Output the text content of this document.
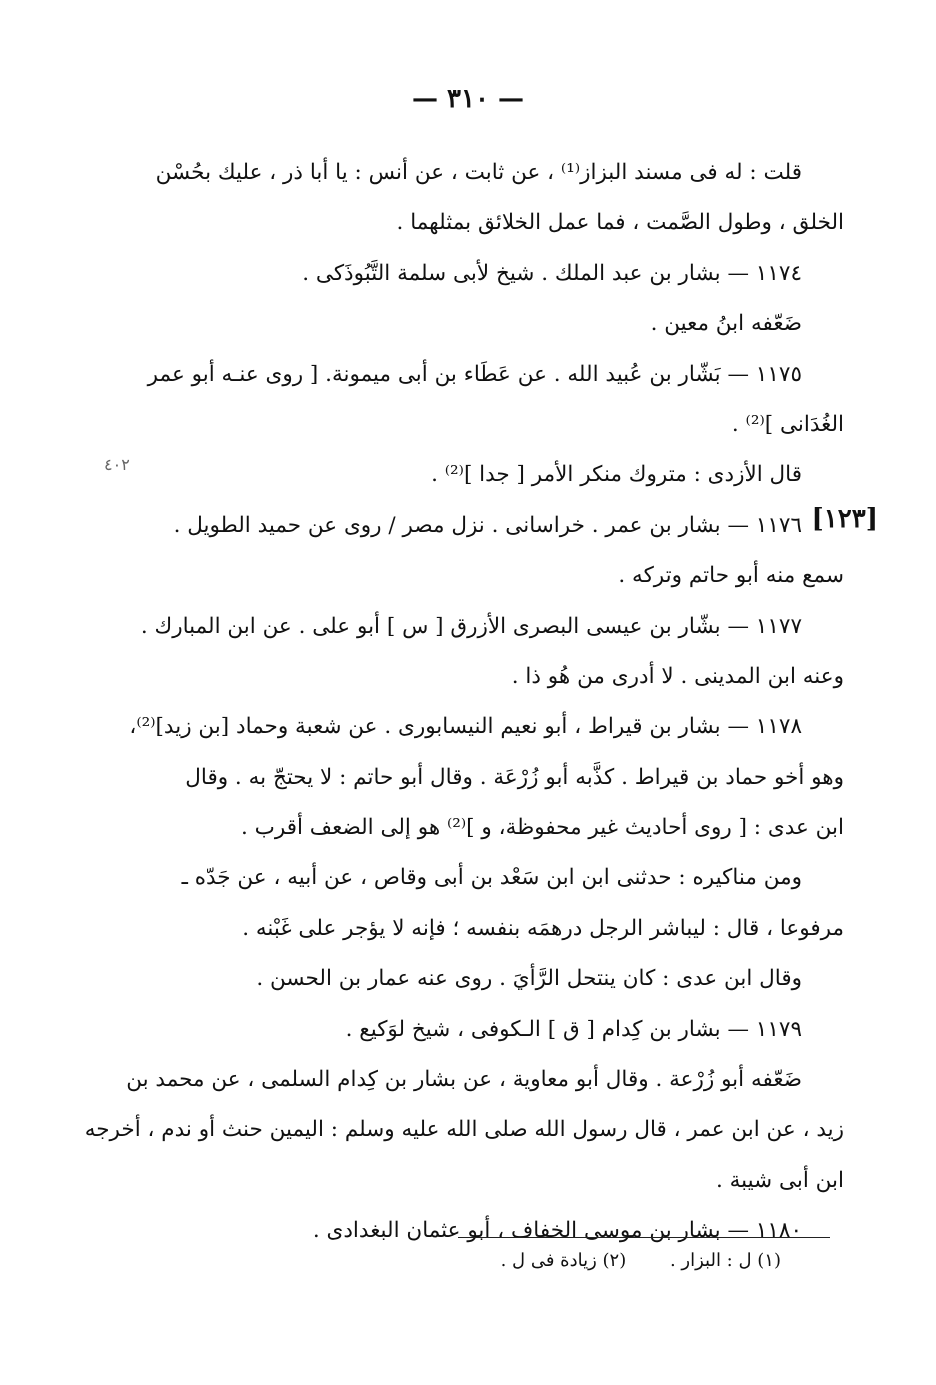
— ٣١٠ —
٤٠٢
[١٢٣]
قلت : له فى مسند البزاز⁽¹⁾ ، عن ثابت ، عن أنس : يا أبا ذر ، عليك بحُسْن
الخلق ، وطول الصَّمت ، فما عمل الخلائق بمثلهما .
١١٧٤ — بشار بن عبد الملك . شيخ لأبى سلمة التَّبُوذَكى .
ضَعّفه ابنُ معين .
١١٧٥ — بَشّار بن عُبيد الله . عن عَطَاء بن أبى ميمونة. [ روى عنـه أبو عمر
الغُدَانى ]⁽²⁾ .
قال الأزدى : متروك منكر الأمر [ جدا ]⁽²⁾ .
١١٧٦ — بشار بن عمر . خراسانى . نزل مصر / روى عن حميد الطويل .
سمع منه أبو حاتم وتركه .
١١٧٧ — بشّار بن عيسى البصرى الأزرق [ س ] أبو على . عن ابن المبارك .
وعنه ابن المدينى . لا أدرى من هُو ذا .
١١٧٨ — بشار بن قيراط ، أبو نعيم النيسابورى . عن شعبة وحماد [بن زيد]⁽²⁾،
وهو أخو حماد بن قيراط . كذَّبه أبو زُرْعَة . وقال أبو حاتم : لا يحتجّ به . وقال
ابن عدى : [ روى أحاديث غير محفوظة، و ]⁽²⁾ هو إلى الضعف أقرب .
ومن مناكيره : حدثنى ابن ابن سَعْد بن أبى وقاص ، عن أبيه ، عن جَدّه ـ
مرفوعا ، قال : ليباشر الرجل درهمَه بنفسه ؛ فإنه لا يؤجر على غَبْنه .
وقال ابن عدى : كان ينتحل الرَّأيَ . روى عنه عمار بن الحسن .
١١٧٩ — بشار بن كِدام [ ق ] الـكوفى ، شيخ لوَكيع .
ضَعّفه أبو زُرْعة . وقال أبو معاوية ، عن بشار بن كِدام السلمى ، عن محمد بن
زيد ، عن ابن عمر ، قال رسول الله صلى الله عليه وسلم : اليمين حنث أو ندم ، أخرجه
ابن أبى شيبة .
١١٨٠ — بشار بن موسى الخفاف ، أبو عثمان البغدادى .
(١) ل : البزار . (٢) زيادة فى ل .
